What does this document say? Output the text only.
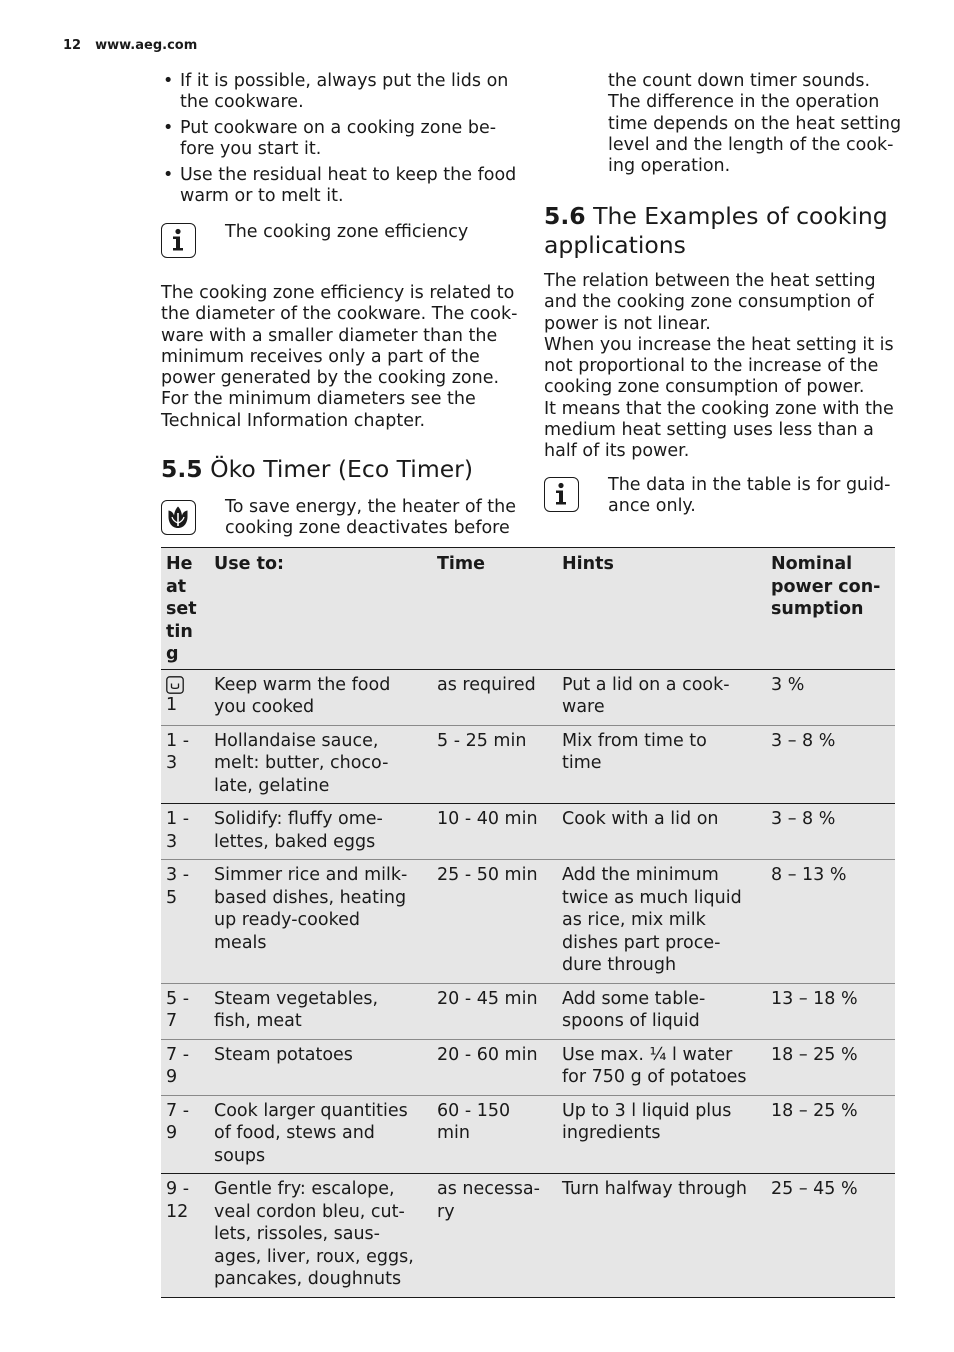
12 www.aeg.com
• If it is possible, always put the lids on
the cookware.
• Put cookware on a cooking zone be-
fore you start it.
• Use the residual heat to keep the food
warm or to melt it.

The cooking zone efficiency

The cooking zone efficiency is related to

the diameter of the cookware. The cook-

ware with a smaller diameter than the

minimum receives only a part of the

power generated by the cooking zone.

For the minimum diameters see the

Technical Information chapter.

5.5 Öko Timer (Eco Timer)

To save energy, the heater of the

cooking zone deactivates before

the count down timer sounds.

The difference in the operation

time depends on the heat setting

level and the length of the cook-

ing operation.

5.6 The Examples of cooking
applications

The relation between the heat setting

and the cooking zone consumption of

power is not linear.

When you increase the heat setting it is

not proportional to the increase of the

cooking zone consumption of power.

It means that the cooking zone with the

medium heat setting uses less than a

half of its power.

The data in the table is for guid-

ance only.

He
at
set
tin
g	Use to:	Time	Hints	Nominal
power con-
sumption

1	Keep warm the food
you cooked	as required	Put a lid on a cook-
ware	3 %
1 -
3	Hollandaise sauce,
melt: butter, choco-
late, gelatine	5 - 25 min	Mix from time to
time	3 – 8 %
1 -
3	Solidify: fluffy ome-
lettes, baked eggs	10 - 40 min	Cook with a lid on	3 – 8 %
3 -
5	Simmer rice and milk-
based dishes, heating
up ready-cooked
meals	25 - 50 min	Add the minimum
twice as much liquid
as rice, mix milk
dishes part proce-
dure through	8 – 13 %
5 -
7	Steam vegetables,
fish, meat	20 - 45 min	Add some table-
spoons of liquid	13 – 18 %
7 -
9	Steam potatoes	20 - 60 min	Use max. ¼ l water
for 750 g of potatoes	18 – 25 %
7 -
9	Cook larger quantities
of food, stews and
soups	60 - 150
min	Up to 3 l liquid plus
ingredients	18 – 25 %
9 -
12	Gentle fry: escalope,
veal cordon bleu, cut-
lets, rissoles, saus-
ages, liver, roux, eggs,
pancakes, doughnuts	as necessa-
ry	Turn halfway through	25 – 45 %
